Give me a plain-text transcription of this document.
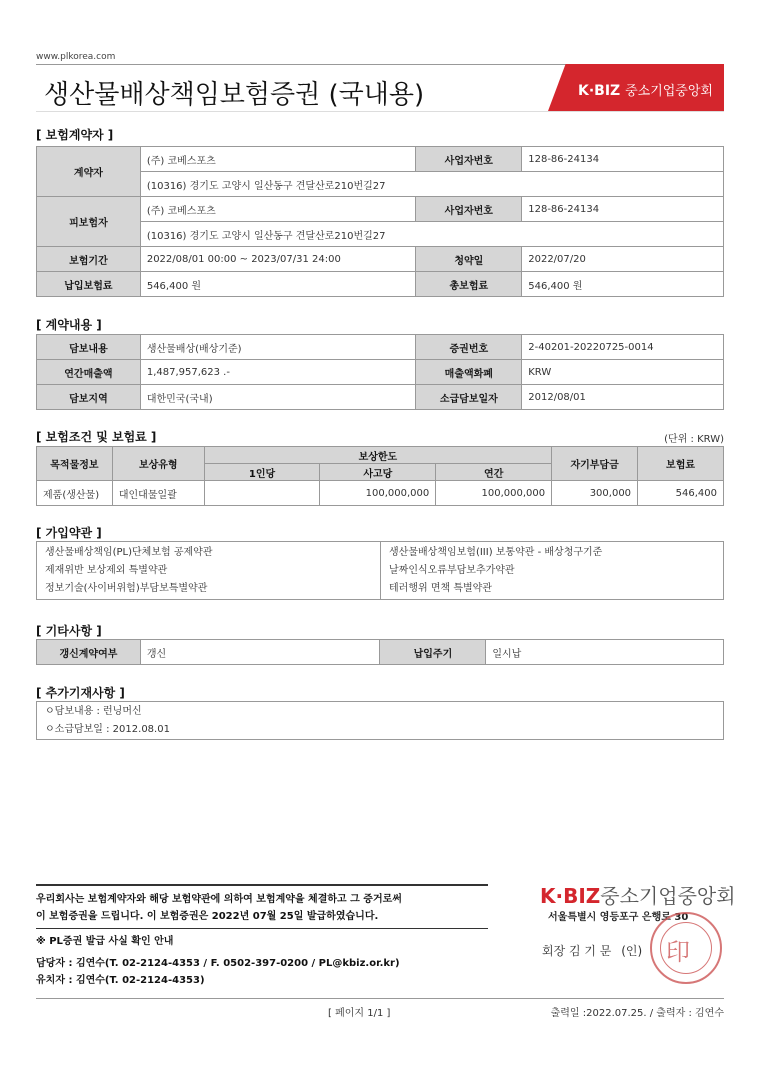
www.plkorea.com
생산물배상책임보험증권 (국내용)	K·BIZ 중소기업중앙회
[ 보험계약자 ]
계약자	(주) 코베스포츠	사업자번호	128-86-24134
	(10316) 경기도 고양시 일산동구 견달산로210번길27		
피보험자	(주) 코베스포츠	사업자번호	128-86-24134
	(10316) 경기도 고양시 일산동구 견달산로210번길27		
보험기간	2022/08/01 00:00 ~ 2023/07/31 24:00	청약일	2022/07/20
납입보험료	546,400 원	총보험료	546,400 원
[ 계약내용 ]
담보내용	생산물배상(배상기준)	증권번호	2-40201-20220725-0014
연간매출액	1,487,957,623 .-	매출액화폐	KRW
담보지역	대한민국(국내)	소급담보일자	2012/08/01
[ 보험조건 및 보험료 ]	(단위 : KRW)
목적물정보	보상유형	보상한도			자기부담금	보험료
		1인당	사고당	연간		
제품(생산물)	대인대물일괄		100,000,000	100,000,000	300,000	546,400
[ 가입약관 ]
생산물배상책임(PL)단체보험 공제약관
제재위반 보상제외 특별약관
정보기술(사이버위험)부담보특별약관
생산물배상책임보험(III) 보통약관 - 배상청구기준
날짜인식오류부담보추가약관
테러행위 면책 특별약관
[ 기타사항 ]
갱신계약여부	갱신	납입주기	일시납
[ 추가기재사항 ]
ㅇ담보내용 : 런닝머신
ㅇ소급담보일 : 2012.08.01
우리회사는 보험계약자와 해당 보험약관에 의하여 보험계약을 체결하고 그 증거로써
이 보험증권을 드립니다. 이 보험증권은 2022년 07월 25일 발급하였습니다.
※ PL증권 발급 사실 확인 안내
담당자 : 김연수(T. 02-2124-4353 / F. 0502-397-0200 / PL@kbiz.or.kr)
유치자 : 김연수(T. 02-2124-4353)
K·BIZ중소기업중앙회
서울특별시 영등포구 은행로 30
회장 김 기 문 (인) 印
[ 페이지 1/1 ]	출력일 :2022.07.25. / 출력자 : 김연수
